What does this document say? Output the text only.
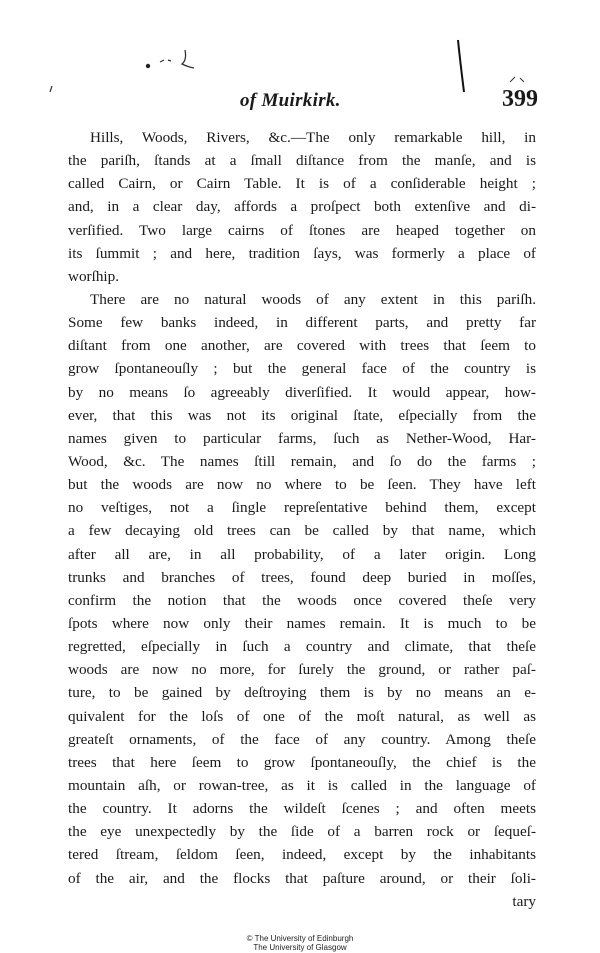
of Muirkirk.	399
Hills, Woods, Rivers, &c.—The only remarkable hill, in
the pariſh, ſtands at a ſmall diſtance from the manſe, and is
called Cairn, or Cairn Table. It is of a conſiderable height ;
and, in a clear day, affords a proſpect both extenſive and di-
verſified. Two large cairns of ſtones are heaped together on
its ſummit ; and here, tradition ſays, was formerly a place of
worſhip.
There are no natural woods of any extent in this pariſh.
Some few banks indeed, in different parts, and pretty far
diſtant from one another, are covered with trees that ſeem to
grow ſpontaneouſly ; but the general face of the country is
by no means ſo agreeably diverſified. It would appear, how-
ever, that this was not its original ſtate, eſpecially from the
names given to particular farms, ſuch as Nether-Wood, Har-
Wood, &c. The names ſtill remain, and ſo do the farms ;
but the woods are now no where to be ſeen. They have left
no veſtiges, not a ſingle repreſentative behind them, except
a few decaying old trees can be called by that name, which
after all are, in all probability, of a later origin. Long
trunks and branches of trees, found deep buried in moſſes,
confirm the notion that the woods once covered theſe very
ſpots where now only their names remain. It is much to be
regretted, eſpecially in ſuch a country and climate, that theſe
woods are now no more, for ſurely the ground, or rather paſ-
ture, to be gained by deſtroying them is by no means an e-
quivalent for the loſs of one of the moſt natural, as well as
greateſt ornaments, of the face of any country. Among theſe
trees that here ſeem to grow ſpontaneouſly, the chief is the
mountain aſh, or rowan-tree, as it is called in the language of
the country. It adorns the wildeſt ſcenes ; and often meets
the eye unexpectedly by the ſide of a barren rock or ſequeſ-
tered ſtream, ſeldom ſeen, indeed, except by the inhabitants
of the air, and the flocks that paſture around, or their ſoli-
tary
© The University of Edinburgh
The University of Glasgow
